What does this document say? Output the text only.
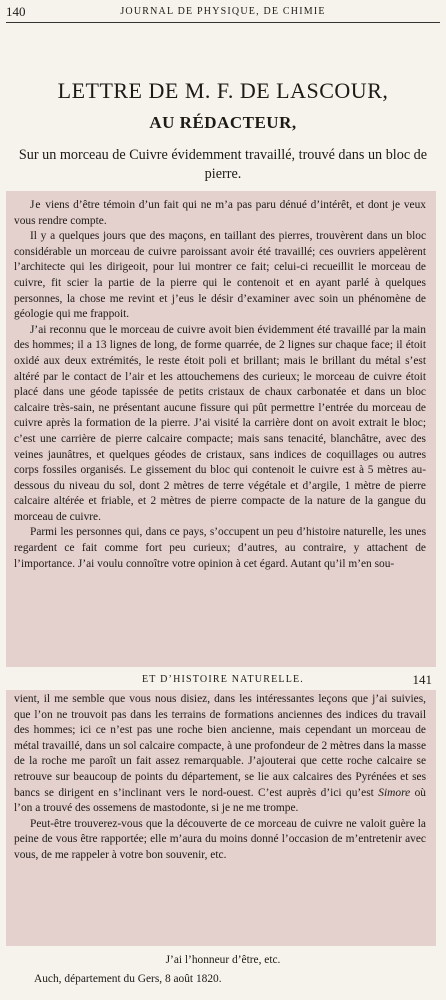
140	JOURNAL DE PHYSIQUE, DE CHIMIE
LETTRE DE M. F. DE LASCOUR,
AU RÉDACTEUR,
Sur un morceau de Cuivre évidemment travaillé, trouvé dans un bloc de pierre.

Je viens d’être témoin d’un fait qui ne m’a pas paru dénué d’intérêt, et dont je veux vous rendre compte.

Il y a quelques jours que des maçons, en taillant des pierres, trouvèrent dans un bloc considérable un morceau de cuivre paroissant avoir été travaillé; ces ouvriers appelèrent l’architecte qui les dirigeoit, pour lui montrer ce fait; celui-ci recueillit le morceau de cuivre, fit scier la partie de la pierre qui le contenoit et en ayant parlé à quelques personnes, la chose me revint et j’eus le désir d’examiner avec soin un phénomène de géologie qui me frappoit.

J’ai reconnu que le morceau de cuivre avoit bien évidemment été travaillé par la main des hommes; il a 13 lignes de long, de forme quarrée, de 2 lignes sur chaque face; il étoit oxidé aux deux extrémités, le reste étoit poli et brillant; mais le brillant du métal s’est altéré par le contact de l’air et les attouchemens des curieux; le morceau de cuivre étoit placé dans une géode tapissée de petits cristaux de chaux carbonatée et dans un bloc calcaire très-sain, ne présentant aucune fissure qui pût permettre l’entrée du morceau de cuivre après la formation de la pierre. J’ai visité la carrière dont on avoit extrait le bloc; c’est une carrière de pierre calcaire compacte; mais sans tenacité, blanchâtre, avec des veines jaunâtres, et quelques géodes de cristaux, sans indices de coquillages ou autres corps fossiles organisés. Le gissement du bloc qui contenoit le cuivre est à 5 mètres au-dessous du niveau du sol, dont 2 mètres de terre végétale et d’argile, 1 mètre de pierre calcaire altérée et friable, et 2 mètres de pierre compacte de la nature de la gangue du morceau de cuivre.

Parmi les personnes qui, dans ce pays, s’occupent un peu d’histoire naturelle, les unes regardent ce fait comme fort peu curieux; d’autres, au contraire, y attachent de l’importance. J’ai voulu connoître votre opinion à cet égard. Autant qu’il m’en sou-

ET D’HISTOIRE NATURELLE.	141

vient, il me semble que vous nous disiez, dans les intéressantes leçons que j’ai suivies, que l’on ne trouvoit pas dans les terrains de formations anciennes des indices du travail des hommes; ici ce n’est pas une roche bien ancienne, mais cependant un morceau de métal travaillé, dans un sol calcaire compacte, à une profondeur de 2 mètres dans la masse de la roche me paroît un fait assez remarquable. J’ajouterai que cette roche calcaire se retrouve sur beaucoup de points du département, se lie aux calcaires des Pyrénées et ses bancs se dirigent en s’inclinant vers le nord-ouest. C’est auprès d’ici qu’est Simore où l’on a trouvé des ossemens de mastodonte, si je ne me trompe.

Peut-être trouverez-vous que la découverte de ce morceau de cuivre ne valoit guère la peine de vous être rapportée; elle m’aura du moins donné l’occasion de m’entretenir avec vous, de me rappeler à votre bon souvenir, etc.

J’ai l’honneur d’être, etc.
Auch, département du Gers, 8 août 1820.
